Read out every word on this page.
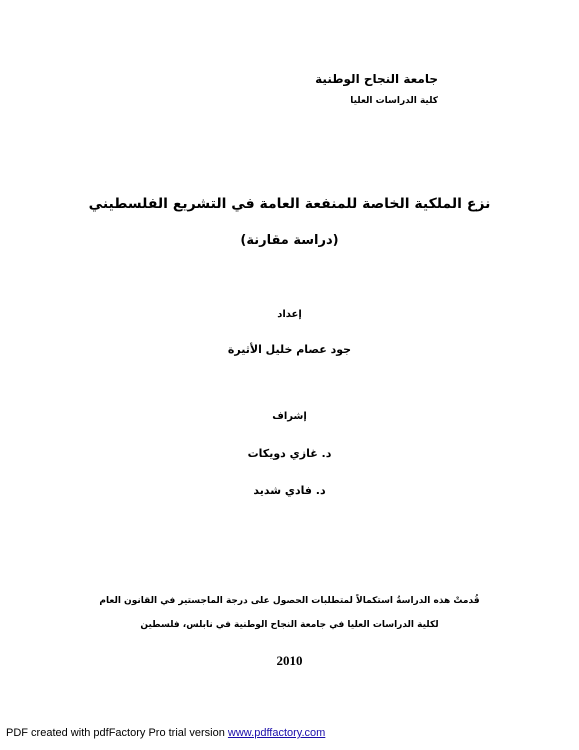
جامعة النجاح الوطنية
كلية الدراسات العليا
نزع الملكية الخاصة للمنفعة العامة في التشريع الفلسطيني
(دراسة مقارنة)
إعداد
جود عصام خليل الأثيرة
إشراف
د. غازي دويكات
د. فادي شديد
قُدمتْ هذه الدراسةُ استكمالاً لمتطلبات الحصول على درجة الماجستير في القانون العام
لكلية الدراسات العليا في جامعة النجاح الوطنية في نابلس، فلسطين
2010
PDF created with pdfFactory Pro trial version www.pdffactory.com
